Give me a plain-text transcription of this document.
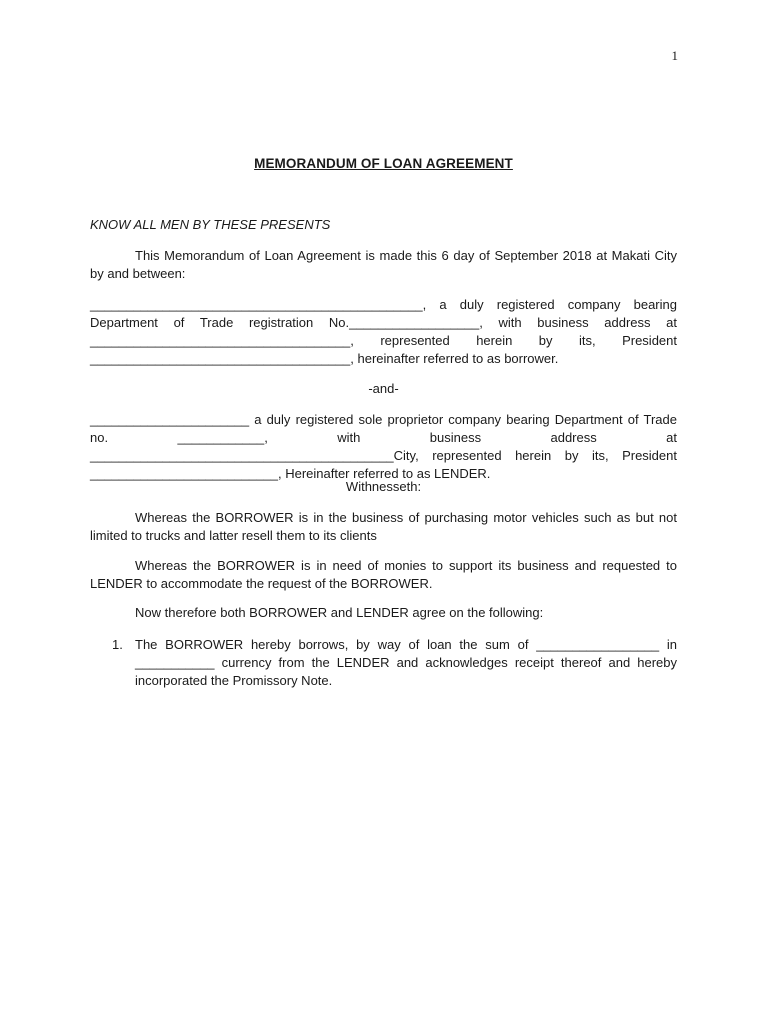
1
MEMORANDUM OF LOAN AGREEMENT
KNOW ALL MEN BY THESE PRESENTS

This Memorandum of Loan Agreement is made this 6 day of September 2018 at Makati City by and between:

______________________________________________, a duly registered company bearing Department of Trade registration No.__________________, with business address at ____________________________________, represented herein by its, President ____________________________________, hereinafter referred to as borrower.

-and-

______________________ a duly registered sole proprietor company bearing Department of Trade no. ____________, with business address at __________________________________________City, represented herein by its, President __________________________, Hereinafter referred to as LENDER.

Withnesseth:

Whereas the BORROWER is in the business of purchasing motor vehicles such as but not limited to trucks and latter resell them to its clients

Whereas the BORROWER is in need of monies to support its business and requested to LENDER to accommodate the request of the BORROWER.

Now therefore both BORROWER and LENDER agree on the following:

1. The BORROWER hereby borrows, by way of loan the sum of _________________ in ___________ currency from the LENDER and acknowledges receipt thereof and hereby incorporated the Promissory Note.
